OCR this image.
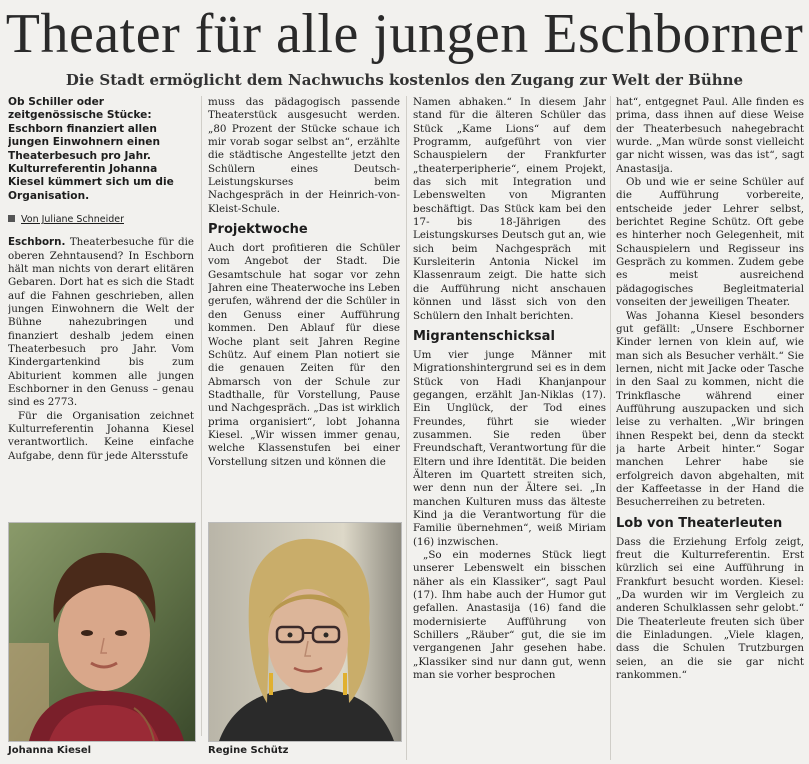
Theater für alle jungen Eschborner
Die Stadt ermöglicht dem Nachwuchs kostenlos den Zugang zur Welt der Bühne

Ob Schiller oder zeitgenössische Stücke: Eschborn finanziert allen jungen Einwohnern einen Theaterbesuch pro Jahr. Kulturreferentin Johanna Kiesel kümmert sich um die Organisation.

Von Juliane Schneider

Eschborn. Theaterbesuche für die oberen Zehntausend? In Eschborn hält man nichts von derart elitären Gebaren. Dort hat es sich die Stadt auf die Fahnen geschrieben, allen jungen Einwohnern die Welt der Bühne nahezubringen und finanziert deshalb jedem einen Theaterbesuch pro Jahr. Vom Kindergartenkind bis zum Abiturient kommen alle jungen Eschborner in den Genuss – genau sind es 2773.

Für die Organisation zeichnet Kulturreferentin Johanna Kiesel verantwortlich. Keine einfache Aufgabe, denn für jede Altersstufe

muss das pädagogisch passende Theaterstück ausgesucht werden. „80 Prozent der Stücke schaue ich mir vorab sogar selbst an“, erzählte die städtische Angestellte jetzt den Schülern eines Deutsch-Leistungskurses beim Nachgespräch in der Heinrich-von-Kleist-Schule.

Projektwoche

Auch dort profitieren die Schüler vom Angebot der Stadt. Die Gesamtschule hat sogar vor zehn Jahren eine Theaterwoche ins Leben gerufen, während der die Schüler in den Genuss einer Aufführung kommen. Den Ablauf für diese Woche plant seit Jahren Regine Schütz. Auf einem Plan notiert sie die genauen Zeiten für den Abmarsch von der Schule zur Stadthalle, für Vorstellung, Pause und Nachgespräch. „Das ist wirklich prima organisiert“, lobt Johanna Kiesel. „Wir wissen immer genau, welche Klassenstufen bei einer Vorstellung sitzen und können die

Namen abhaken.“ In diesem Jahr stand für die älteren Schüler das Stück „Kame Lions“ auf dem Programm, aufgeführt von vier Schauspielern der Frankfurter „theaterperipherie“, einem Projekt, das sich mit Integration und Lebenswelten von Migranten beschäftigt. Das Stück kam bei den 17- bis 18-Jährigen des Leistungskurses Deutsch gut an, wie sich beim Nachgespräch mit Kursleiterin Antonia Nickel im Klassenraum zeigt. Die hatte sich die Aufführung nicht anschauen können und lässt sich von den Schülern den Inhalt berichten.

Migrantenschicksal

Um vier junge Männer mit Migrationshintergrund sei es in dem Stück von Hadi Khanjanpour gegangen, erzählt Jan-Niklas (17). Ein Unglück, der Tod eines Freundes, führt sie wieder zusammen. Sie reden über Freundschaft, Verantwortung für die Eltern und ihre Identität. Die beiden Älteren im Quartett streiten sich, wer denn nun der Ältere sei. „In manchen Kulturen muss das älteste Kind ja die Verantwortung für die Familie übernehmen“, weiß Miriam (16) inzwischen.

„So ein modernes Stück liegt unserer Lebenswelt ein bisschen näher als ein Klassiker“, sagt Paul (17). Ihm habe auch der Humor gut gefallen. Anastasija (16) fand die modernisierte Aufführung von Schillers „Räuber“ gut, die sie im vergangenen Jahr gesehen habe. „Klassiker sind nur dann gut, wenn man sie vorher besprochen

hat“, entgegnet Paul. Alle finden es prima, dass ihnen auf diese Weise der Theaterbesuch nahegebracht wurde. „Man würde sonst vielleicht gar nicht wissen, was das ist“, sagt Anastasija.

Ob und wie er seine Schüler auf die Aufführung vorbereite, entscheide jeder Lehrer selbst, berichtet Regine Schütz. Oft gebe es hinterher noch Gelegenheit, mit Schauspielern und Regisseur ins Gespräch zu kommen. Zudem gebe es meist ausreichend pädagogisches Begleitmaterial vonseiten der jeweiligen Theater.

Was Johanna Kiesel besonders gut gefällt: „Unsere Eschborner Kinder lernen von klein auf, wie man sich als Besucher verhält.“ Sie lernen, nicht mit Jacke oder Tasche in den Saal zu kommen, nicht die Trinkflasche während einer Aufführung auszupacken und sich leise zu verhalten. „Wir bringen ihnen Respekt bei, denn da steckt ja harte Arbeit hinter.“ Sogar manchen Lehrer habe sie erfolgreich davon abgehalten, mit der Kaffeetasse in der Hand die Besucherreihen zu betreten.

Lob von Theaterleuten

Dass die Erziehung Erfolg zeigt, freut die Kulturreferentin. Erst kürzlich sei eine Aufführung in Frankfurt besucht worden. Kiesel: „Da wurden wir im Vergleich zu anderen Schulklassen sehr gelobt.“ Die Theaterleute freuten sich über die Einladungen. „Viele klagen, dass die Schulen Trutzburgen seien, an die sie gar nicht rankommen.“

Johanna Kiesel	Regine Schütz
